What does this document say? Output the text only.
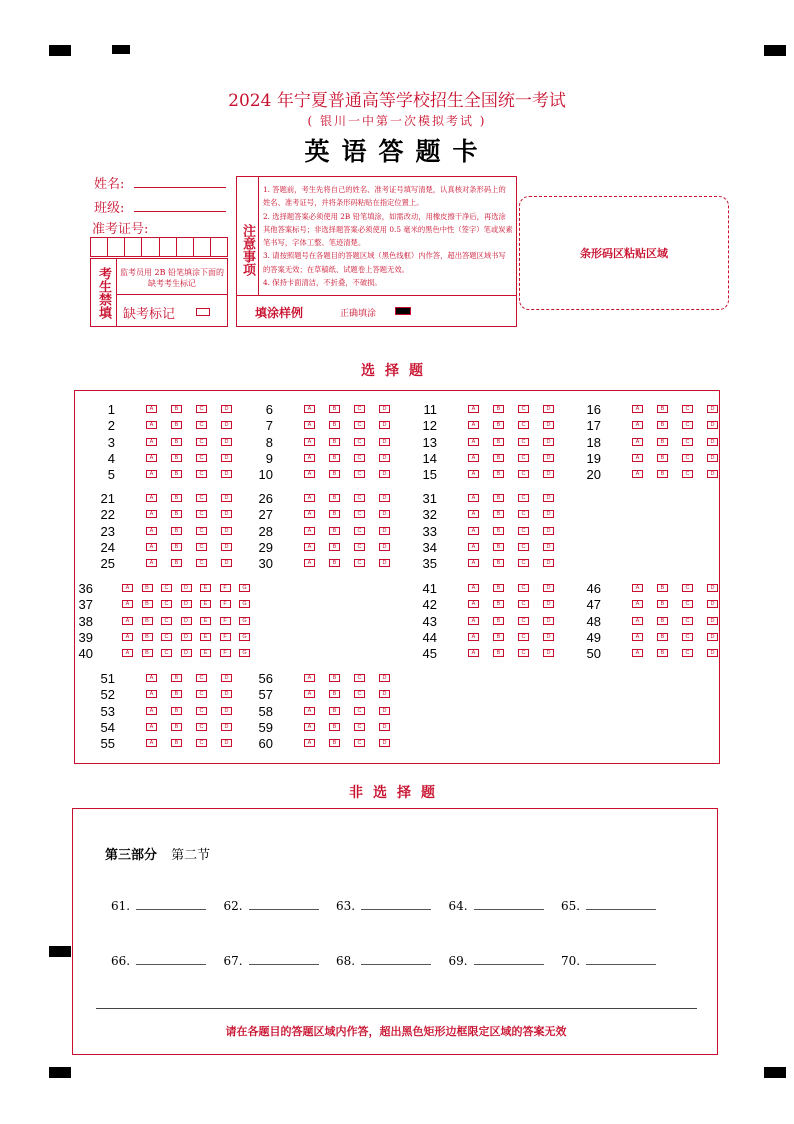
2024 年宁夏普通高等学校招生全国统一考试
( 银川一中第一次模拟考试 )
英语答题卡
姓名:
班级:
准考证号:
考生禁填	监考员用 2B 铅笔填涂下面的缺考考生标记
缺考标记
注意事项
1. 答题前，考生先将自己的姓名、准考证号填写清楚，认真核对条形码上的姓名、准考证号，并将条形码粘贴在指定位置上。
2. 选择题答案必须使用 2B 铅笔填涂，如需改动，用橡皮擦干净后，再选涂其他答案标号；非选择题答案必须使用 0.5 毫米的黑色中性（签字）笔或炭素笔书写，字体工整、笔迹清楚。
3. 请按照题号在各题目的答题区域（黑色线框）内作答，超出答题区域书写的答案无效；在草稿纸、试题卷上答题无效。
4. 保持卡面清洁，不折叠，不破损。
填涂样例	正确填涂
条形码区粘贴区域
选择题
1	A	B	C	D
2	A	B	C	D
3	A	B	C	D
4	A	B	C	D
5	A	B	C	D
6	A	B	C	D
7	A	B	C	D
8	A	B	C	D
9	A	B	C	D
10	A	B	C	D
11	A	B	C	D
12	A	B	C	D
13	A	B	C	D
14	A	B	C	D
15	A	B	C	D
16	A	B	C	D
17	A	B	C	D
18	A	B	C	D
19	A	B	C	D
20	A	B	C	D
21	A	B	C	D
22	A	B	C	D
23	A	B	C	D
24	A	B	C	D
25	A	B	C	D
26	A	B	C	D
27	A	B	C	D
28	A	B	C	D
29	A	B	C	D
30	A	B	C	D
31	A	B	C	D
32	A	B	C	D
33	A	B	C	D
34	A	B	C	D
35	A	B	C	D
36	A	B	C	D	E	F	G
37	A	B	C	D	E	F	G
38	A	B	C	D	E	F	G
39	A	B	C	D	E	F	G
40	A	B	C	D	E	F	G
41	A	B	C	D
42	A	B	C	D
43	A	B	C	D
44	A	B	C	D
45	A	B	C	D
46	A	B	C	D
47	A	B	C	D
48	A	B	C	D
49	A	B	C	D
50	A	B	C	D
51	A	B	C	D
52	A	B	C	D
53	A	B	C	D
54	A	B	C	D
55	A	B	C	D
56	A	B	C	D
57	A	B	C	D
58	A	B	C	D
59	A	B	C	D
60	A	B	C	D
非选择题
第三部分 第二节
61.	62.	63.	64.	65.
66.	67.	68.	69.	70.
请在各题目的答题区域内作答，超出黑色矩形边框限定区域的答案无效
